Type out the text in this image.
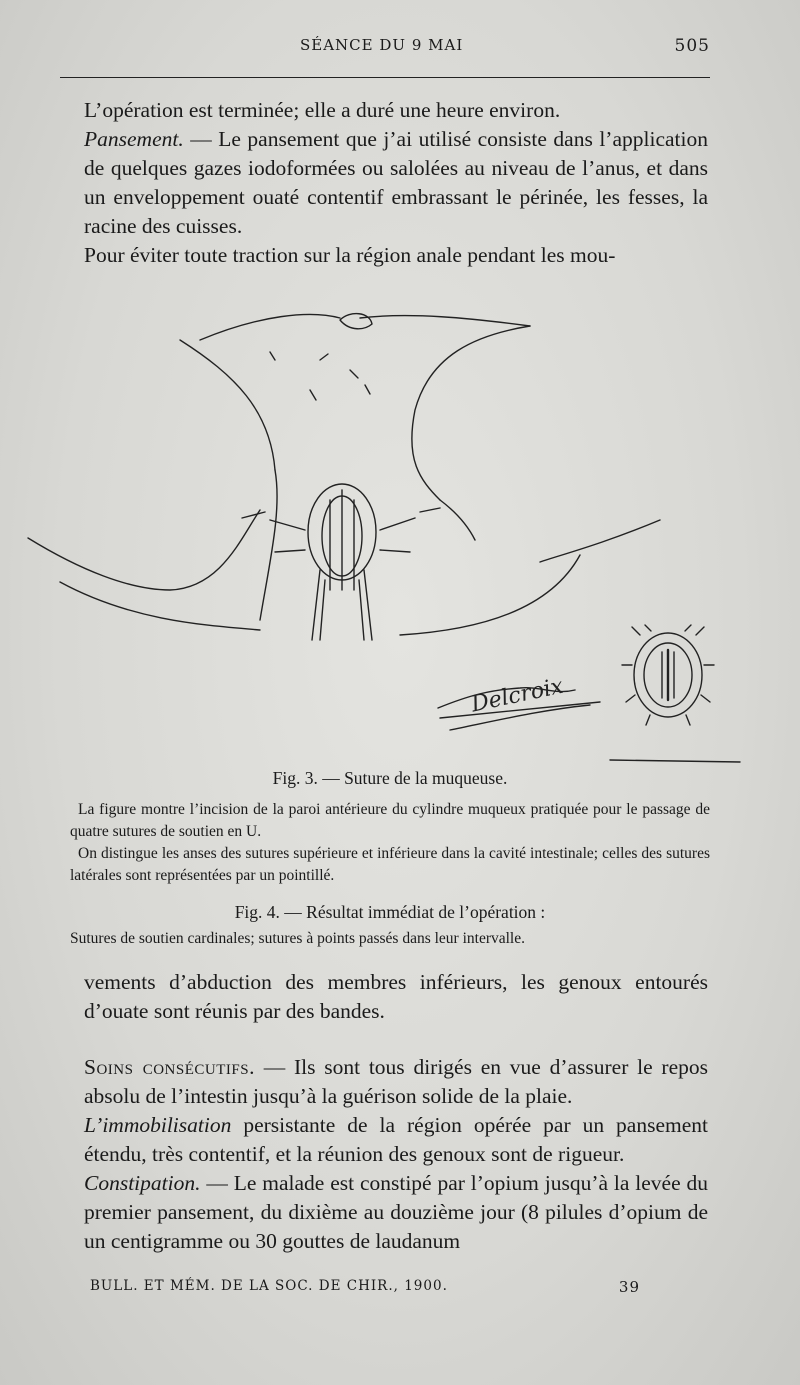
SÉANCE DU 9 MAI	505

L’opération est terminée; elle a duré une heure environ.

Pansement. — Le pansement que j’ai utilisé consiste dans l’application de quelques gazes iodoformées ou salolées au niveau de l’anus, et dans un enveloppement ouaté contentif embrassant le périnée, les fesses, la racine des cuisses.

Pour éviter toute traction sur la région anale pendant les mou-

Delcroix

Fig. 3. — Suture de la muqueuse.

La figure montre l’incision de la paroi antérieure du cylindre muqueux pratiquée pour le passage de quatre sutures de soutien en U.

On distingue les anses des sutures supérieure et inférieure dans la cavité intestinale; celles des sutures latérales sont représentées par un pointillé.

Fig. 4. — Résultat immédiat de l’opération :

Sutures de soutien cardinales; sutures à points passés dans leur intervalle.

vements d’abduction des membres inférieurs, les genoux entourés d’ouate sont réunis par des bandes.

Soins consécutifs. — Ils sont tous dirigés en vue d’assurer le repos absolu de l’intestin jusqu’à la guérison solide de la plaie.

L’immobilisation persistante de la région opérée par un pansement étendu, très contentif, et la réunion des genoux sont de rigueur.

Constipation. — Le malade est constipé par l’opium jusqu’à la levée du premier pansement, du dixième au douzième jour (8 pilules d’opium de un centigramme ou 30 gouttes de laudanum

BULL. ET MÉM. DE LA SOC. DE CHIR., 1900.	39
